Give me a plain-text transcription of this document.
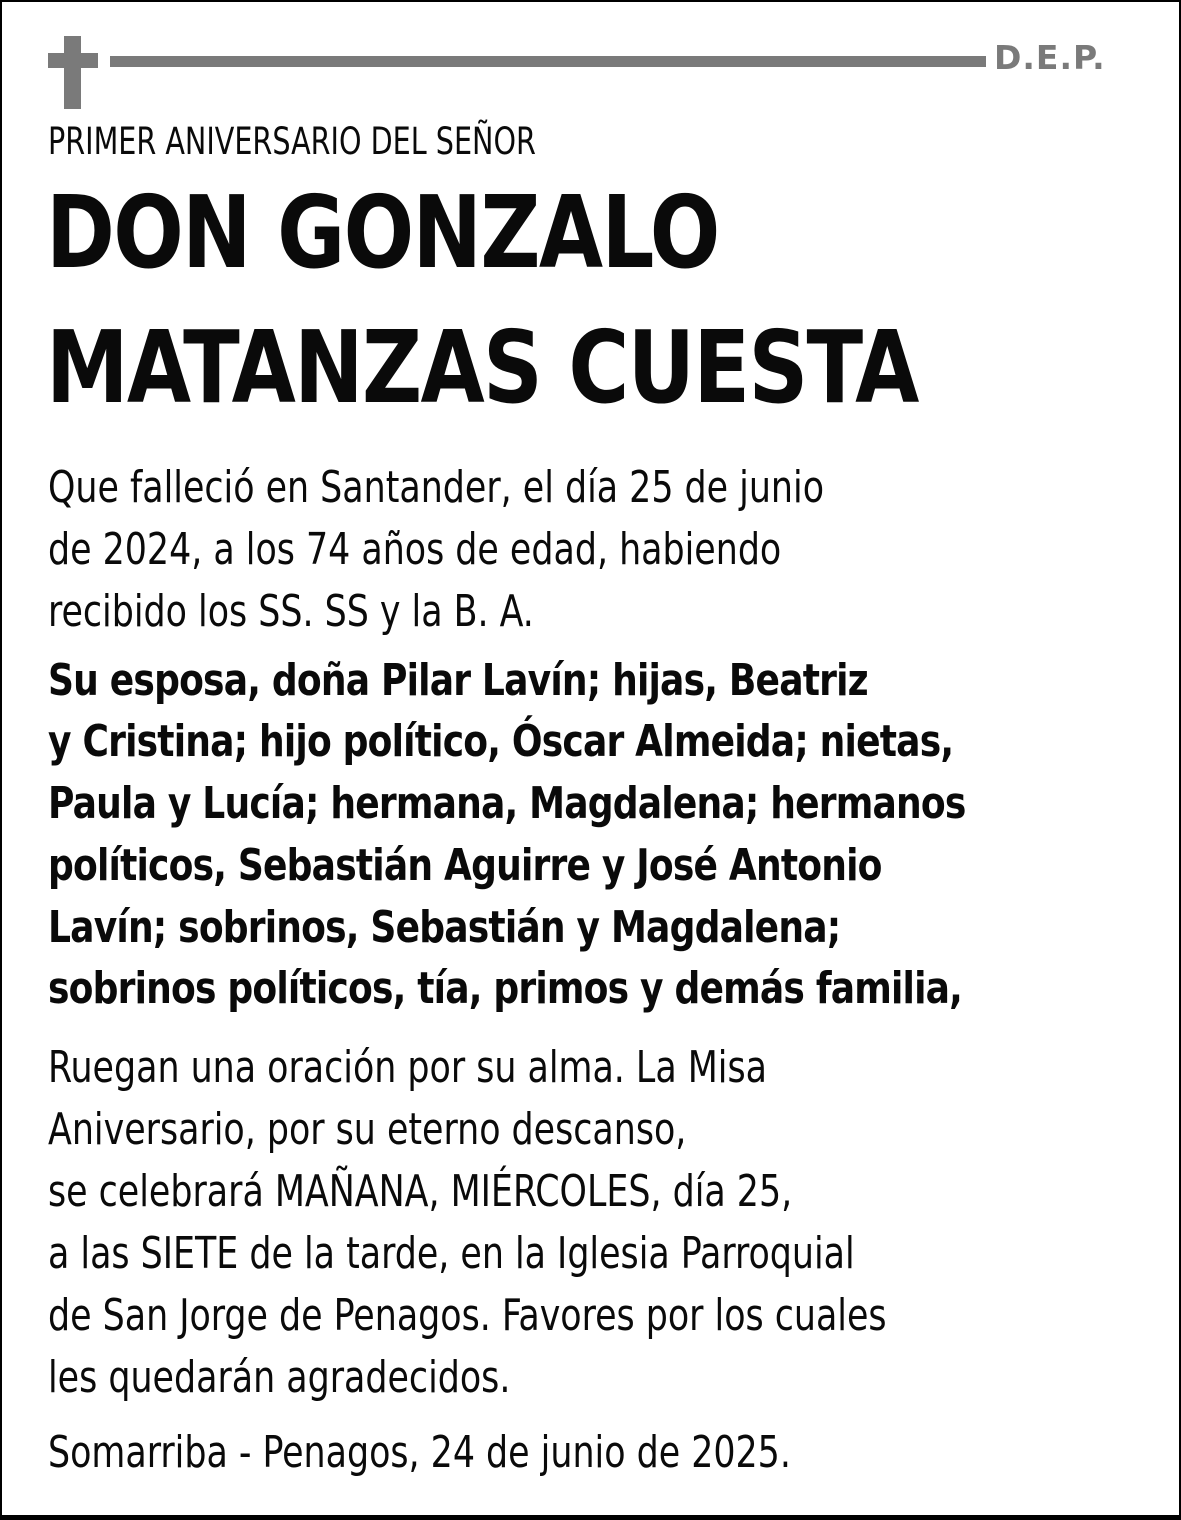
D.E.P.
PRIMER ANIVERSARIO DEL SEÑOR
DON GONZALO
MATANZAS CUESTA
Que falleció en Santander, el día 25 de junio
de 2024, a los 74 años de edad, habiendo
recibido los SS. SS y la B. A.
Su esposa, doña Pilar Lavín; hijas, Beatriz
y Cristina; hijo político, Óscar Almeida; nietas,
Paula y Lucía; hermana, Magdalena; hermanos
políticos, Sebastián Aguirre y José Antonio
Lavín; sobrinos, Sebastián y Magdalena;
sobrinos políticos, tía, primos y demás familia,
Ruegan una oración por su alma. La Misa
Aniversario, por su eterno descanso,
se celebrará MAÑANA, MIÉRCOLES, día 25,
a las SIETE de la tarde, en la Iglesia Parroquial
de San Jorge de Penagos. Favores por los cuales
les quedarán agradecidos.
Somarriba - Penagos, 24 de junio de 2025.
